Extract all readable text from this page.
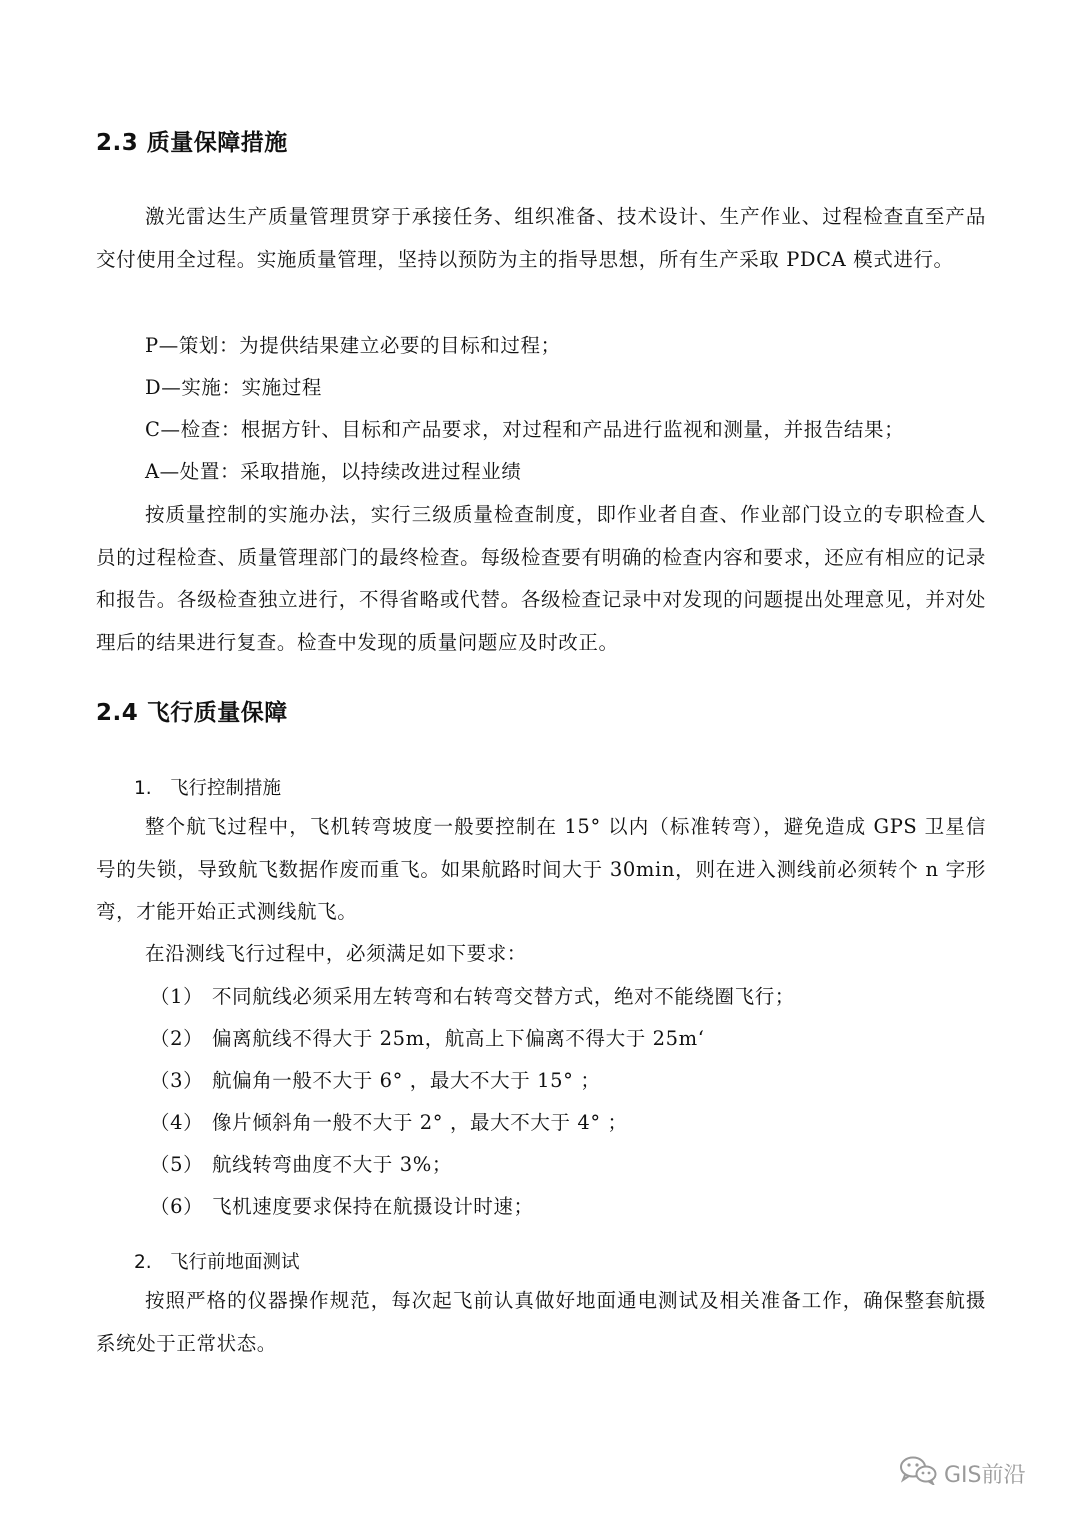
2.3 质量保障措施
激光雷达生产质量管理贯穿于承接任务、组织准备、技术设计、生产作业、过程检查直至产品交付使用全过程。实施质量管理，坚持以预防为主的指导思想，所有生产采取 PDCA 模式进行。
P—策划：为提供结果建立必要的目标和过程；
D—实施：实施过程
C—检查：根据方针、目标和产品要求，对过程和产品进行监视和测量，并报告结果；
A—处置：采取措施，以持续改进过程业绩
按质量控制的实施办法，实行三级质量检查制度，即作业者自查、作业部门设立的专职检查人员的过程检查、质量管理部门的最终检查。每级检查要有明确的检查内容和要求，还应有相应的记录和报告。各级检查独立进行，不得省略或代替。各级检查记录中对发现的问题提出处理意见，并对处理后的结果进行复查。检查中发现的质量问题应及时改正。
2.4 飞行质量保障
1. 飞行控制措施
整个航飞过程中，飞机转弯坡度一般要控制在 15° 以内（标准转弯），避免造成 GPS 卫星信号的失锁，导致航飞数据作废而重飞。如果航路时间大于 30min，则在进入测线前必须转个 n 字形弯，才能开始正式测线航飞。
在沿测线飞行过程中，必须满足如下要求：
（1） 不同航线必须采用左转弯和右转弯交替方式，绝对不能绕圈飞行；
（2） 偏离航线不得大于 25m，航高上下偏离不得大于 25m‘
（3） 航偏角一般不大于 6° ，最大不大于 15° ；
（4） 像片倾斜角一般不大于 2° ，最大不大于 4° ；
（5） 航线转弯曲度不大于 3%；
（6） 飞机速度要求保持在航摄设计时速；
2. 飞行前地面测试
按照严格的仪器操作规范，每次起飞前认真做好地面通电测试及相关准备工作，确保整套航摄系统处于正常状态。
GIS前沿
